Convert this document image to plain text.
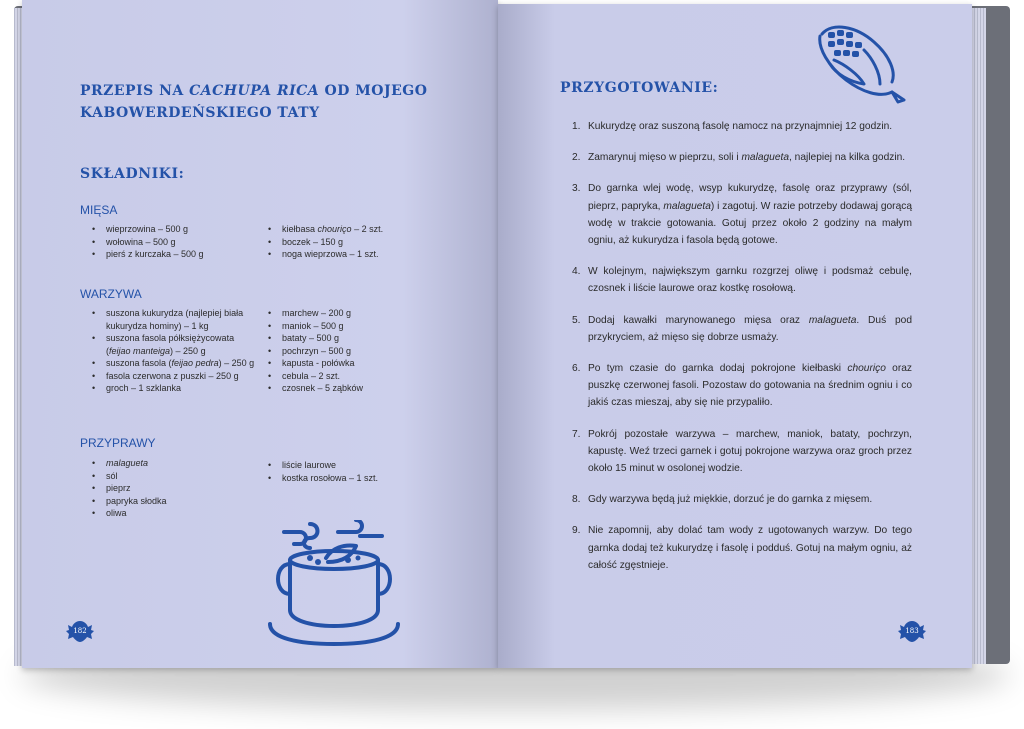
PRZEPIS NA CACHUPA RICA OD MOJEGO KABOWERDEŃSKIEGO TATY
SKŁADNIKI:
MIĘSA
• wieprzowina – 500 g
• wołowina – 500 g
• pierś z kurczaka – 500 g
• kiełbasa chouriço – 2 szt.
• boczek – 150 g
• noga wieprzowa – 1 szt.
WARZYWA
• suszona kukurydza (najlepiej biała kukurydza hominy) – 1 kg
• suszona fasola półksiężycowata (feijao manteiga) – 250 g
• suszona fasola (feijao pedra) – 250 g
• fasola czerwona z puszki – 250 g
• groch – 1 szklanka
• marchew – 200 g
• maniok – 500 g
• bataty – 500 g
• pochrzyn – 500 g
• kapusta - połówka
• cebula – 2 szt.
• czosnek – 5 ząbków
PRZYPRAWY
• malagueta
• sól
• pieprz
• papryka słodka
• oliwa
• liście laurowe
• kostka rosołowa – 1 szt.
182
PRZYGOTOWANIE:
1. Kukurydzę oraz suszoną fasolę namocz na przynajmniej 12 godzin.
2. Zamarynuj mięso w pieprzu, soli i malagueta, najlepiej na kilka godzin.
3. Do garnka wlej wodę, wsyp kukurydzę, fasolę oraz przyprawy (sól, pieprz, papryka, malagueta) i zagotuj. W razie potrzeby dodawaj gorącą wodę w trakcie gotowania. Gotuj przez około 2 godziny na małym ogniu, aż kukurydza i fasola będą gotowe.
4. W kolejnym, największym garnku rozgrzej oliwę i podsmaż cebulę, czosnek i liście laurowe oraz kostkę rosołową.
5. Dodaj kawałki marynowanego mięsa oraz malagueta. Duś pod przykryciem, aż mięso się dobrze usmaży.
6. Po tym czasie do garnka dodaj pokrojone kiełbaski chouriço oraz puszkę czerwonej fasoli. Pozostaw do gotowania na średnim ogniu i co jakiś czas mieszaj, aby się nie przypaliło.
7. Pokrój pozostałe warzywa – marchew, maniok, bataty, pochrzyn, kapustę. Weź trzeci garnek i gotuj pokrojone warzywa oraz groch przez około 15 minut w osolonej wodzie.
8. Gdy warzywa będą już miękkie, dorzuć je do garnka z mięsem.
9. Nie zapomnij, aby dolać tam wody z ugotowanych warzyw. Do tego garnka dodaj też kukurydzę i fasolę i podduś. Gotuj na małym ogniu, aż całość zgęstnieje.
183
